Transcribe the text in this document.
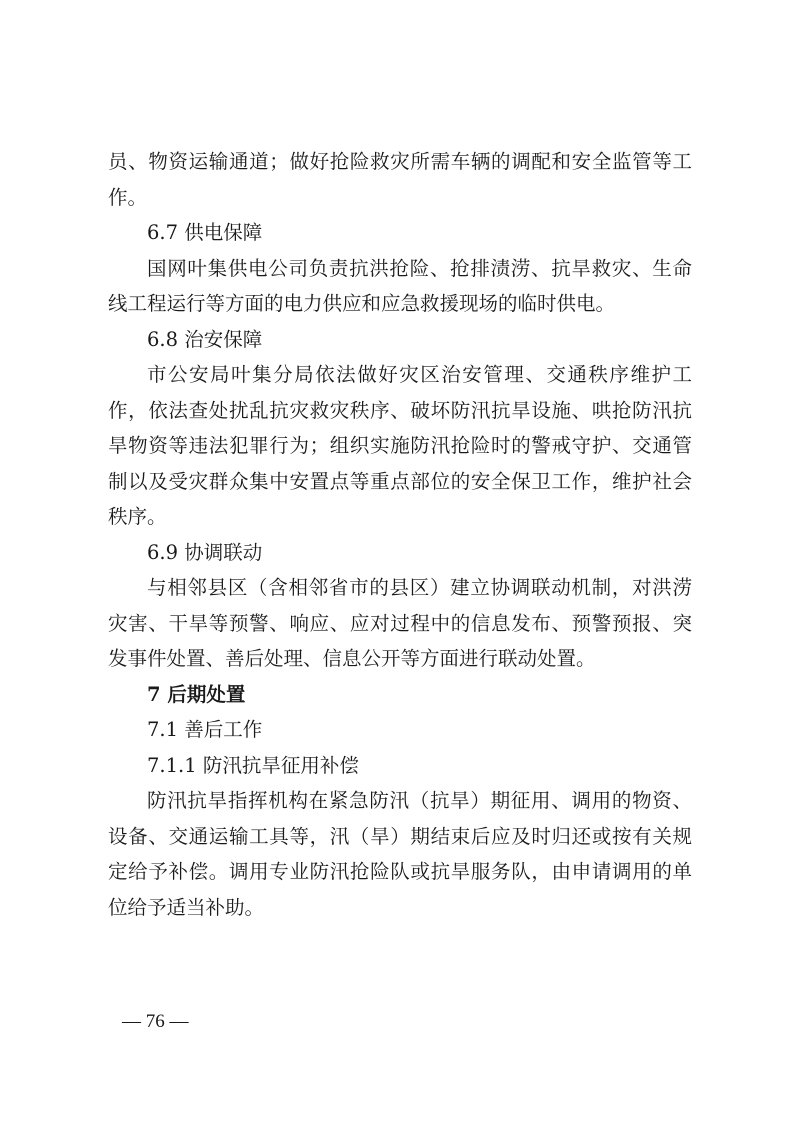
员、物资运输通道；做好抢险救灾所需车辆的调配和安全监管等工作。

6.7 供电保障

国网叶集供电公司负责抗洪抢险、抢排渍涝、抗旱救灾、生命线工程运行等方面的电力供应和应急救援现场的临时供电。

6.8 治安保障

市公安局叶集分局依法做好灾区治安管理、交通秩序维护工作，依法查处扰乱抗灾救灾秩序、破坏防汛抗旱设施、哄抢防汛抗旱物资等违法犯罪行为；组织实施防汛抢险时的警戒守护、交通管制以及受灾群众集中安置点等重点部位的安全保卫工作，维护社会秩序。

6.9 协调联动

与相邻县区（含相邻省市的县区）建立协调联动机制，对洪涝灾害、干旱等预警、响应、应对过程中的信息发布、预警预报、突发事件处置、善后处理、信息公开等方面进行联动处置。

7 后期处置

7.1 善后工作

7.1.1 防汛抗旱征用补偿

防汛抗旱指挥机构在紧急防汛（抗旱）期征用、调用的物资、设备、交通运输工具等，汛（旱）期结束后应及时归还或按有关规定给予补偿。调用专业防汛抢险队或抗旱服务队，由申请调用的单位给予适当补助。

— 76 —
